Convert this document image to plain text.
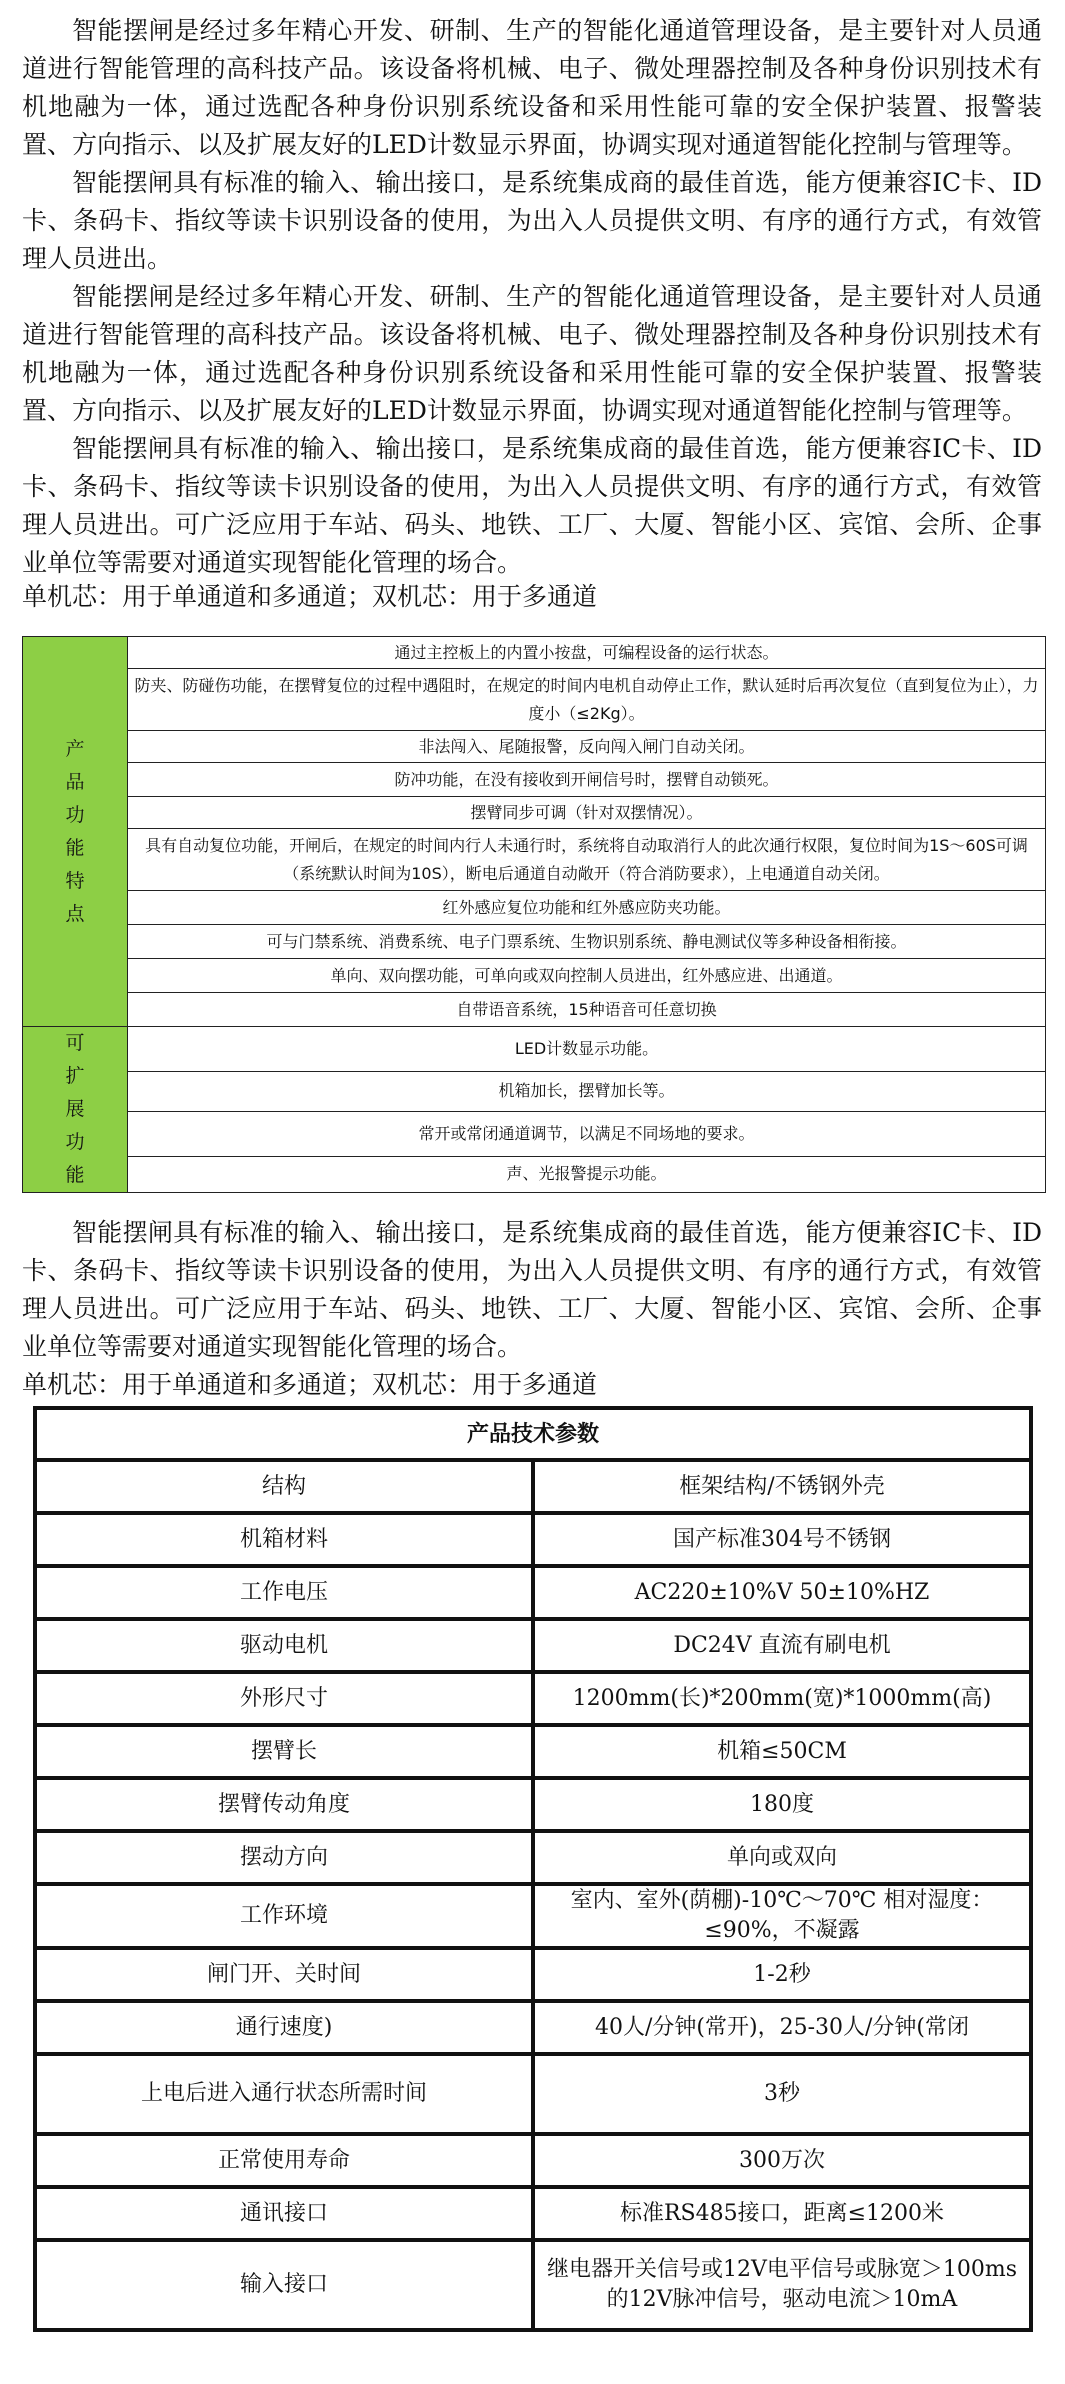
智能摆闸是经过多年精心开发、研制、生产的智能化通道管理设备，是主要针对人员通道进行智能管理的高科技产品。该设备将机械、电子、微处理器控制及各种身份识别技术有机地融为一体，通过选配各种身份识别系统设备和采用性能可靠的安全保护装置、报警装置、方向指示、以及扩展友好的LED计数显示界面，协调实现对通道智能化控制与管理等。

智能摆闸具有标准的输入、输出接口，是系统集成商的最佳首选，能方便兼容IC卡、ID卡、条码卡、指纹等读卡识别设备的使用，为出入人员提供文明、有序的通行方式，有效管理人员进出。

智能摆闸是经过多年精心开发、研制、生产的智能化通道管理设备，是主要针对人员通道进行智能管理的高科技产品。该设备将机械、电子、微处理器控制及各种身份识别技术有机地融为一体，通过选配各种身份识别系统设备和采用性能可靠的安全保护装置、报警装置、方向指示、以及扩展友好的LED计数显示界面，协调实现对通道智能化控制与管理等。

智能摆闸具有标准的输入、输出接口，是系统集成商的最佳首选，能方便兼容IC卡、ID卡、条码卡、指纹等读卡识别设备的使用，为出入人员提供文明、有序的通行方式，有效管理人员进出。可广泛应用于车站、码头、地铁、工厂、大厦、智能小区、宾馆、会所、企事业单位等需要对通道实现智能化管理的场合。

单机芯：用于单通道和多通道；双机芯：用于多通道

产品功能特点	通过主控板上的内置小按盘，可编程设备的运行状态。
	防夹、防碰伤功能，在摆臂复位的过程中遇阻时，在规定的时间内电机自动停止工作，默认延时后再次复位（直到复位为止），力度小（≤2Kg）。
	非法闯入、尾随报警，反向闯入闸门自动关闭。
	防冲功能，在没有接收到开闸信号时，摆臂自动锁死。
	摆臂同步可调（针对双摆情况）。
	具有自动复位功能，开闸后，在规定的时间内行人未通行时，系统将自动取消行人的此次通行权限，复位时间为1S～60S可调（系统默认时间为10S），断电后通道自动敞开（符合消防要求），上电通道自动关闭。
	红外感应复位功能和红外感应防夹功能。
	可与门禁系统、消费系统、电子门票系统、生物识别系统、静电测试仪等多种设备相衔接。
	单向、双向摆功能，可单向或双向控制人员进出，红外感应进、出通道。
	自带语音系统，15种语音可任意切换
可扩展功能	LED计数显示功能。
	机箱加长，摆臂加长等。
	常开或常闭通道调节，以满足不同场地的要求。
	声、光报警提示功能。

智能摆闸具有标准的输入、输出接口，是系统集成商的最佳首选，能方便兼容IC卡、ID卡、条码卡、指纹等读卡识别设备的使用，为出入人员提供文明、有序的通行方式，有效管理人员进出。可广泛应用于车站、码头、地铁、工厂、大厦、智能小区、宾馆、会所、企事业单位等需要对通道实现智能化管理的场合。

单机芯：用于单通道和多通道；双机芯：用于多通道

产品技术参数	
结构	框架结构/不锈钢外壳
机箱材料	国产标准304号不锈钢
工作电压	AC220±10%V 50±10%HZ
驱动电机	DC24V 直流有刷电机
外形尺寸	1200mm(长)*200mm(宽)*1000mm(高)
摆臂长	机箱≤50CM
摆臂传动角度	180度
摆动方向	单向或双向
工作环境	室内、室外(荫棚)-10℃～70℃ 相对湿度：≤90%，不凝露
闸门开、关时间	1-2秒
通行速度)	40人/分钟(常开)，25-30人/分钟(常闭
上电后进入通行状态所需时间	3秒
正常使用寿命	300万次
通讯接口	标准RS485接口，距离≤1200米
输入接口	继电器开关信号或12V电平信号或脉宽＞100ms的12V脉冲信号，驱动电流＞10mA
